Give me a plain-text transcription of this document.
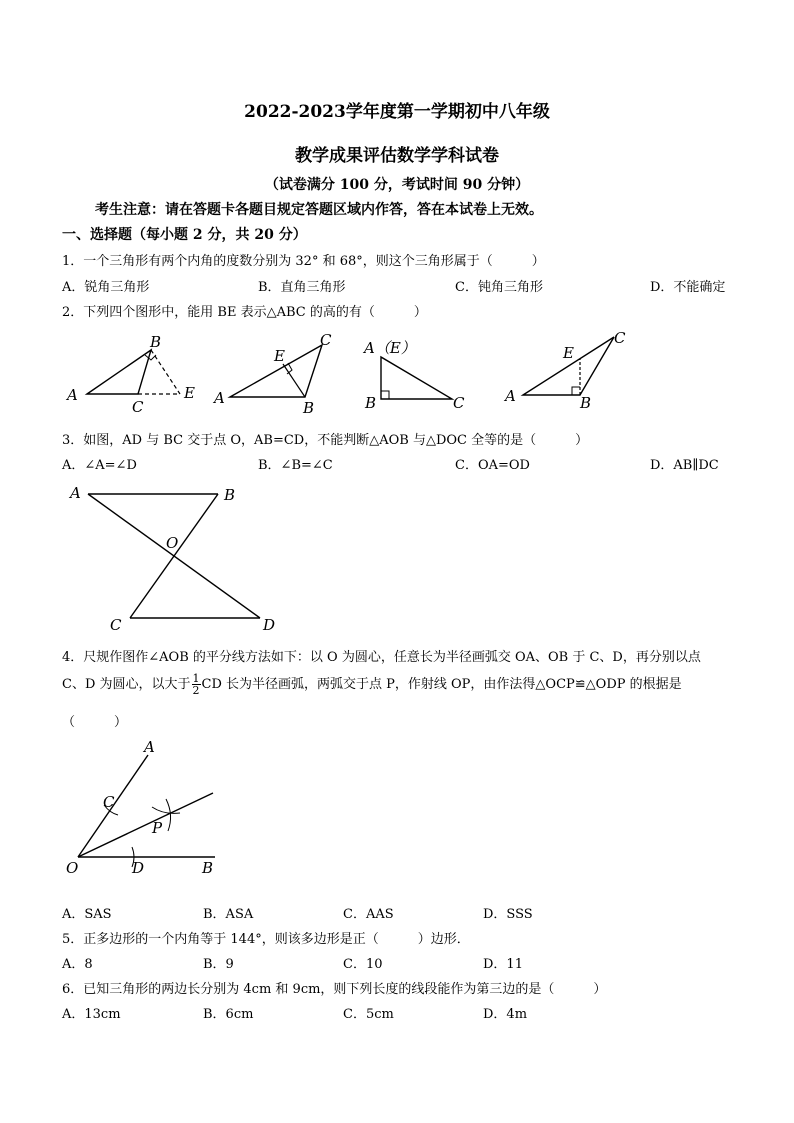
2022-2023学年度第一学期初中八年级
教学成果评估数学学科试卷
（试卷满分 100 分，考试时间 90 分钟）
考生注意：请在答题卡各题目规定答题区域内作答，答在本试卷上无效。
一、选择题（每小题 2 分，共 20 分）
1．一个三角形有两个内角的度数分别为 32° 和 68°，则这个三角形属于（　　　）
A．锐角三角形	B．直角三角形	C．钝角三角形	D．不能确定
2．下列四个图形中，能用 BE 表示△ABC 的高的有（　　　）
A
B
C
E A
B
C
E	A（E）
B	C	A	B
C
E
3．如图，AD 与 BC 交于点 O，AB=CD，不能判断△AOB 与△DOC 全等的是（　　　）
A．∠A=∠D	B．∠B=∠C	C．OA=OD	D．AB∥DC
A	B
O
C	D
4．尺规作图作∠AOB 的平分线方法如下：以 O 为圆心，任意长为半径画弧交 OA、OB 于 C、D，再分别以点
C、D 为圆心，以大于 $\frac{1}{2}$ CD 长为半径画弧，两弧交于点 P，作射线 OP，由作法得△OCP≌△ODP 的根据是
（　　　）
A
C
P
O	D	B
A．SAS	B．ASA	C．AAS	D．SSS
5．正多边形的一个内角等于 144°，则该多边形是正（　　　）边形．
A．8	B．9	C．10	D．11
6．已知三角形的两边长分别为 4cm 和 9cm，则下列长度的线段能作为第三边的是（　　　）
A．13cm	B．6cm	C．5cm	D．4m
